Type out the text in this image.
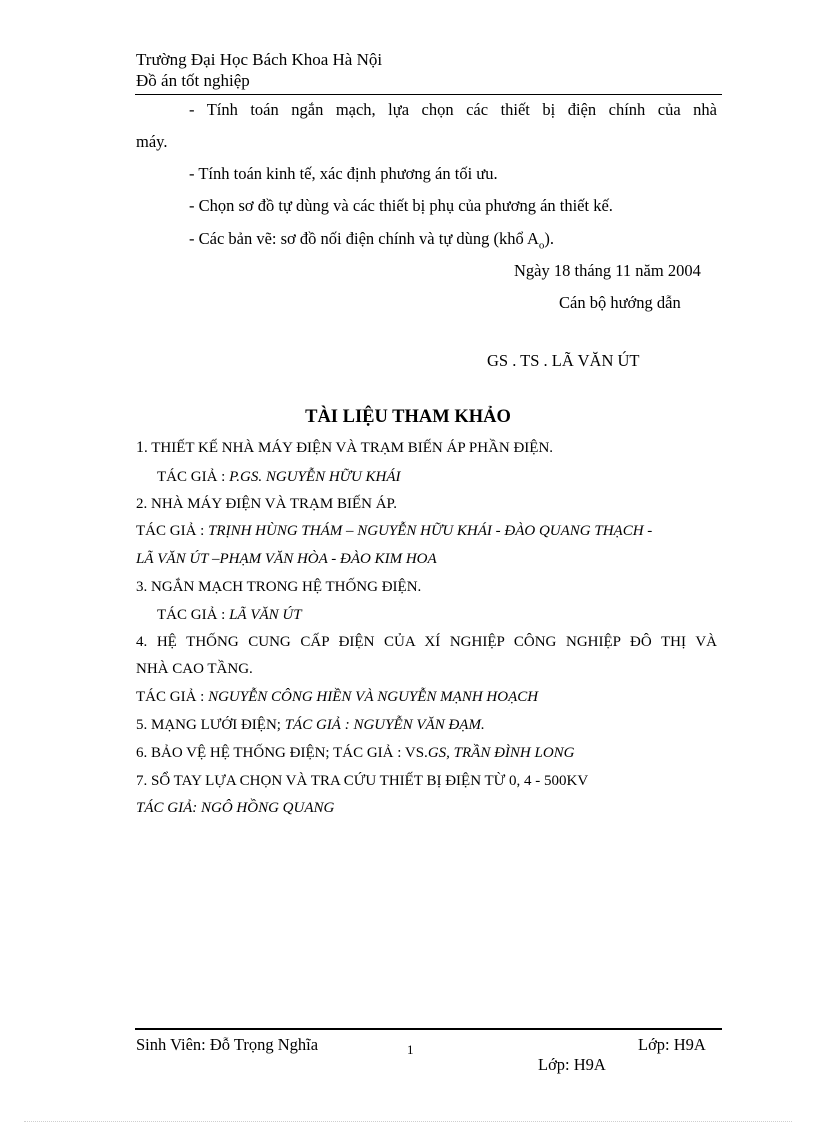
Trường Đại Học Bách Khoa Hà Nội
Đồ án tốt nghiệp
- Tính toán ngắn mạch, lựa chọn các thiết bị điện chính của nhà
máy.
- Tính toán kinh tế, xác định phương án tối ưu.
- Chọn sơ đồ tự dùng và các thiết bị phụ của phương án thiết kế.
- Các bản vẽ: sơ đồ nối điện chính và tự dùng (khổ $A_o$).
Ngày 18 tháng 11 năm 2004
Cán bộ hướng dẫn
GS . TS . LÃ VĂN ÚT
TÀI LIỆU THAM KHẢO
1. THIẾT KẾ NHÀ MÁY ĐIỆN VÀ TRẠM BIẾN ÁP PHẦN ĐIỆN.
TÁC GIẢ : P.GS. NGUYỄN HỮU KHÁI
2. NHÀ MÁY ĐIỆN VÀ TRẠM BIẾN ÁP.
TÁC GIẢ : TRỊNH HÙNG THÁM – NGUYỄN HỮU KHÁI - ĐÀO QUANG THẠCH -
LÃ VĂN ÚT –PHẠM VĂN HÒA - ĐÀO KIM HOA
3. NGẮN MẠCH TRONG HỆ THỐNG ĐIỆN.
TÁC GIẢ : LÃ VĂN ÚT
4. HỆ THỐNG CUNG CẤP ĐIỆN CỦA XÍ NGHIỆP CÔNG NGHIỆP ĐÔ THỊ VÀ
NHÀ CAO TẦNG.
TÁC GIẢ : NGUYỄN CÔNG HIỀN VÀ NGUYỄN MẠNH HOẠCH
5. MẠNG LƯỚI ĐIỆN; TÁC GIẢ : NGUYỄN VĂN ĐẠM.
6. BẢO VỆ HỆ THỐNG ĐIỆN; TÁC GIẢ : VS.GS, TRẦN ĐÌNH LONG
7. SỔ TAY LỰA CHỌN VÀ TRA CỨU THIẾT BỊ ĐIỆN TỪ 0, 4 - 500KV
TÁC GIẢ: NGÔ HỒNG QUANG
Sinh Viên: Đỗ Trọng Nghĩa	1	Lớp: H9A
Lớp: H9A
